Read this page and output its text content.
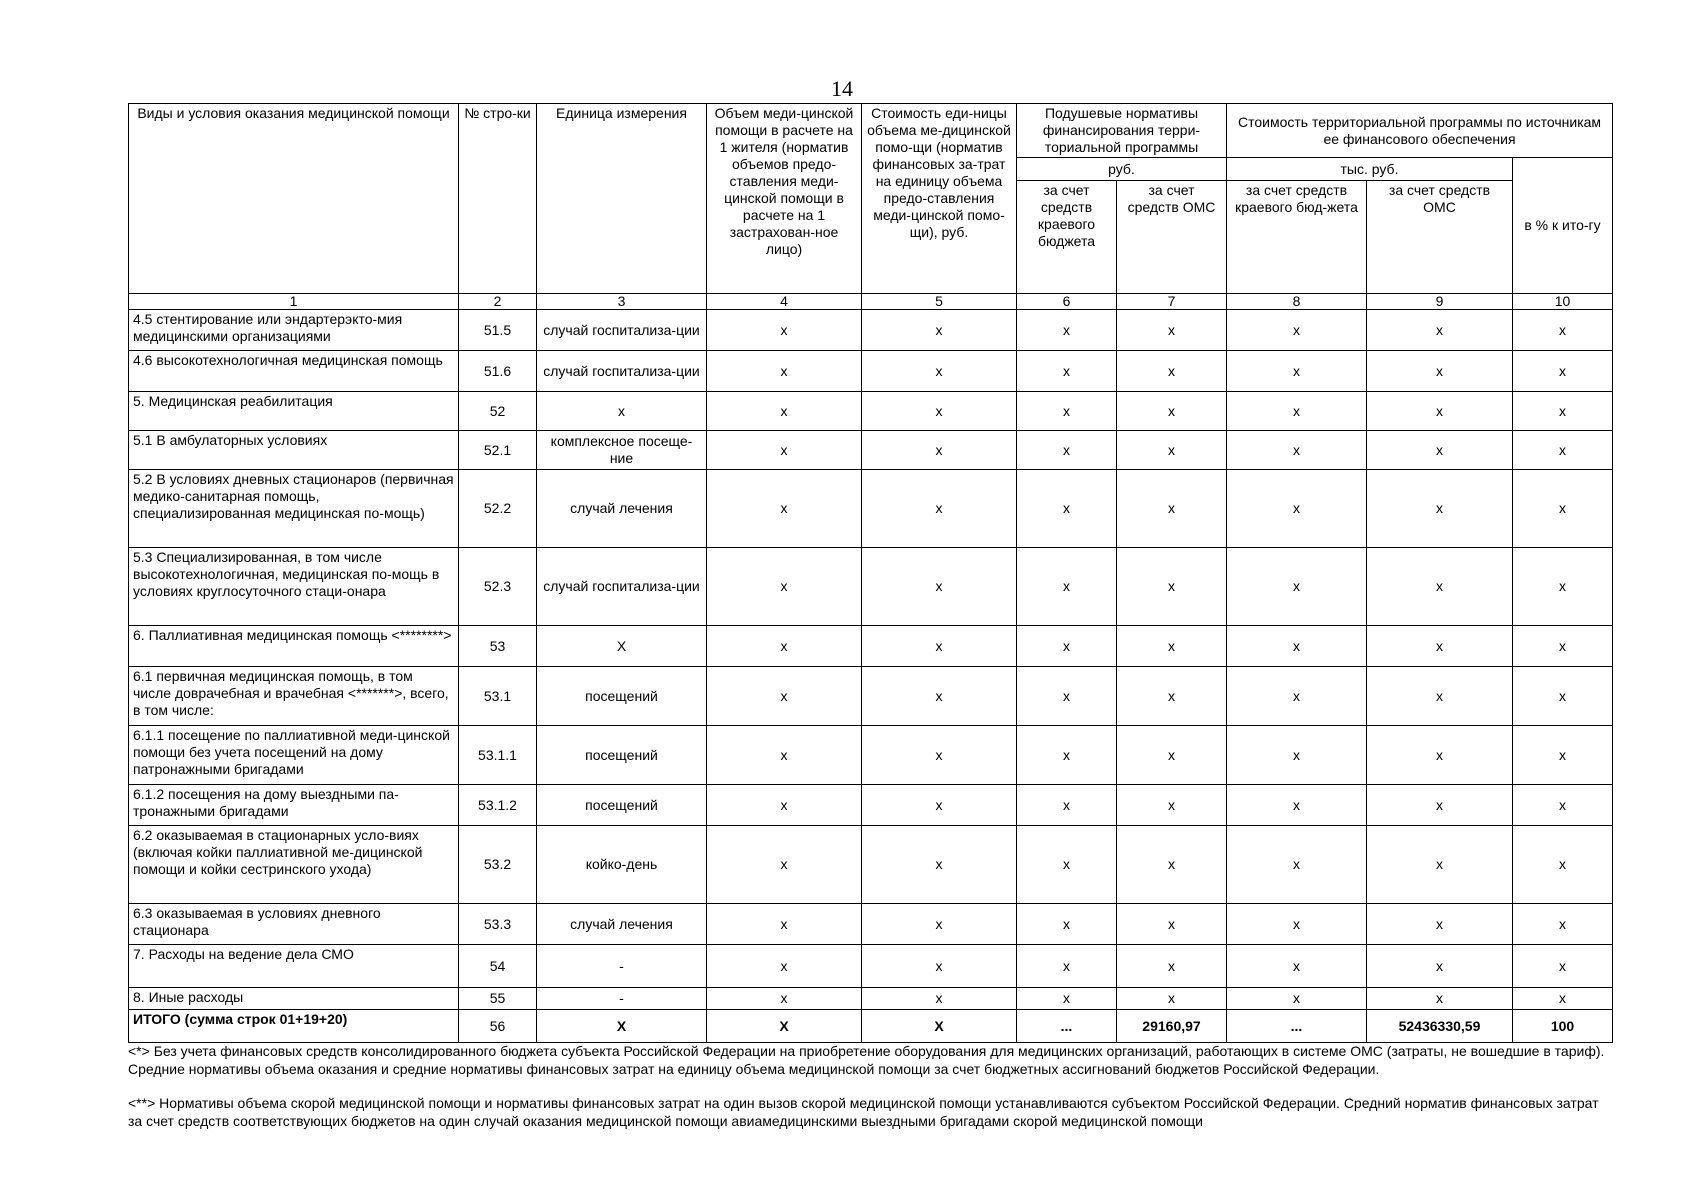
14
Виды и условия оказания медицинской помощи	№ стро-ки	Единица измерения	Объем меди-цинской помощи в расчете на 1 жителя (норматив объемов предо-ставления меди-цинской помощи в расчете на 1 застрахован-ное лицо)	Стоимость еди-ницы объема ме-дицинской помо-щи (норматив финансовых за-трат на единицу объема предо-ставления меди-цинской помо-щи), руб.	Подушевые нормативы финансирования терри-ториальной программы		Стоимость территориальной программы по источникам ее финансового обеспечения		
					руб.		тыс. руб.		в % к ито-гу
					за счет средств краевого бюджета	за счет средств ОМС	за счет средств краевого бюд-жета	за счет средств ОМС	
1	2	3	4	5	6	7	8	9	10
4.5 стентирование или эндартерэкто-мия медицинскими организациями	51.5	случай госпитализа-ции	х	х	х	х	х	х	х
4.6 высокотехнологичная медицинская помощь	51.6	случай госпитализа-ции	х	х	х	х	х	х	х
5. Медицинская реабилитация	52	х	х	х	х	х	х	х	х
5.1 В амбулаторных условиях	52.1	комплексное посеще-ние	х	х	х	х	х	х	х
5.2 В условиях дневных стационаров (первичная медико-санитарная помощь, специализированная медицинская по-мощь)	52.2	случай лечения	х	х	х	х	х	х	х
5.3 Специализированная, в том числе высокотехнологичная, медицинская по-мощь в условиях круглосуточного стаци-онара	52.3	случай госпитализа-ции	х	х	х	х	х	х	х
6. Паллиативная медицинская помощь <********>	53	Х	х	х	х	х	х	х	х
6.1 первичная медицинская помощь, в том числе доврачебная и врачебная <*******>, всего, в том числе:	53.1	посещений	х	х	х	х	х	х	х
6.1.1 посещение по паллиативной меди-цинской помощи без учета посещений на дому патронажными бригадами	53.1.1	посещений	х	х	х	х	х	х	х
6.1.2 посещения на дому выездными па-тронажными бригадами	53.1.2	посещений	х	х	х	х	х	х	х
6.2 оказываемая в стационарных усло-виях (включая койки паллиативной ме-дицинской помощи и койки сестринского ухода)	53.2	койко-день	х	х	х	х	х	х	х
6.3 оказываемая в условиях дневного стационара	53.3	случай лечения	х	х	х	х	х	х	х
7. Расходы на ведение дела СМО	54	-	х	х	х	х	х	х	х
8. Иные расходы	55	-	х	х	х	х	х	х	х
ИТОГО (сумма строк 01+19+20)	56	Х	Х	Х	...	29160,97	...	52436330,59	100

<*> Без учета финансовых средств консолидированного бюджета субъекта Российской Федерации на приобретение оборудования для медицинских организаций, работающих в системе ОМС (затраты, не вошедшие в тариф). Средние нормативы объема оказания и средние нормативы финансовых затрат на единицу объема медицинской помощи за счет бюджетных ассигнований бюджетов Российской Федерации.

<**> Нормативы объема скорой медицинской помощи и нормативы финансовых затрат на один вызов скорой медицинской помощи устанавливаются субъектом Российской Федерации. Средний норматив финансовых затрат за счет средств соответствующих бюджетов на один случай оказания медицинской помощи авиамедицинскими выездными бригадами скорой медицинской помощи
